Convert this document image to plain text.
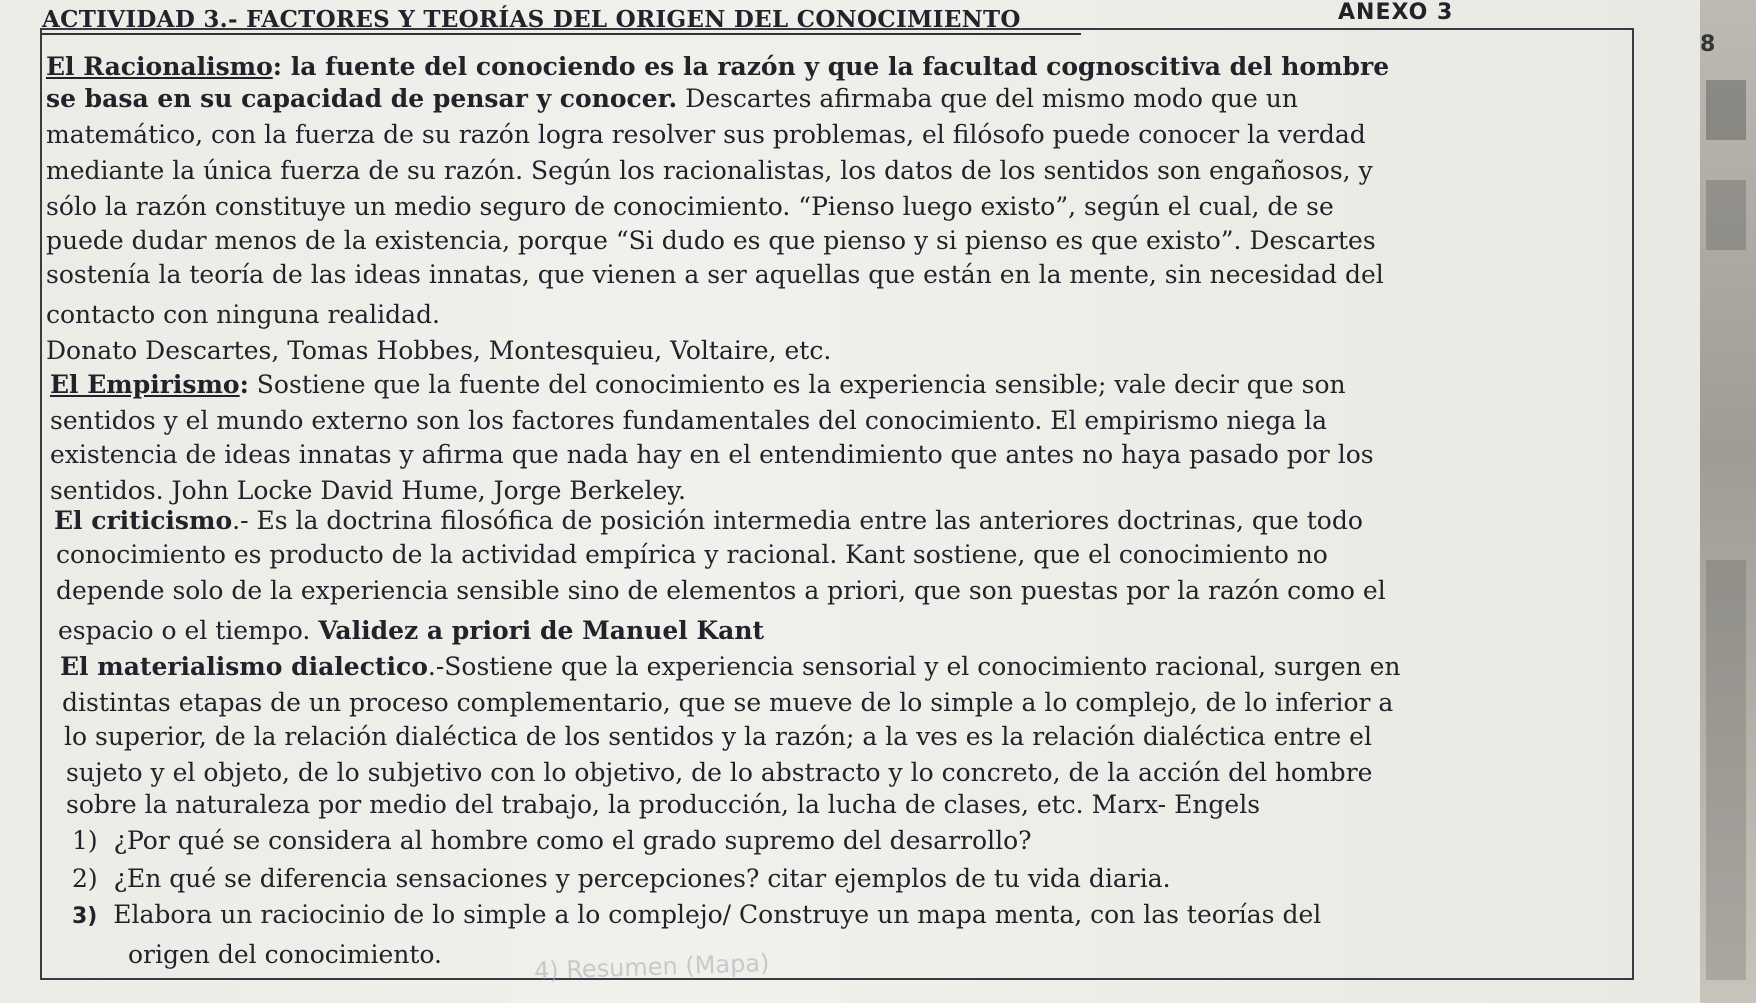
8
ACTIVIDAD 3.- FACTORES Y TEORÍAS DEL ORIGEN DEL CONOCIMIENTO	ANEXO 3
El Racionalismo: la fuente del conociendo es la razón y que la facultad cognoscitiva del hombre
se basa en su capacidad de pensar y conocer. Descartes afirmaba que del mismo modo que un
matemático, con la fuerza de su razón logra resolver sus problemas, el filósofo puede conocer la verdad
mediante la única fuerza de su razón. Según los racionalistas, los datos de los sentidos son engañosos, y
sólo la razón constituye un medio seguro de conocimiento. “Pienso luego existo”, según el cual, de se
puede dudar menos de la existencia, porque “Si dudo es que pienso y si pienso es que existo”. Descartes
sostenía la teoría de las ideas innatas, que vienen a ser aquellas que están en la mente, sin necesidad del
contacto con ninguna realidad.
Donato Descartes, Tomas Hobbes, Montesquieu, Voltaire, etc.
El Empirismo: Sostiene que la fuente del conocimiento es la experiencia sensible; vale decir que son
sentidos y el mundo externo son los factores fundamentales del conocimiento. El empirismo niega la
existencia de ideas innatas y afirma que nada hay en el entendimiento que antes no haya pasado por los
sentidos. John Locke David Hume, Jorge Berkeley.
El criticismo.- Es la doctrina filosófica de posición intermedia entre las anteriores doctrinas, que todo
conocimiento es producto de la actividad empírica y racional. Kant sostiene, que el conocimiento no
depende solo de la experiencia sensible sino de elementos a priori, que son puestas por la razón como el
espacio o el tiempo. Validez a priori de Manuel Kant
El materialismo dialectico.-Sostiene que la experiencia sensorial y el conocimiento racional, surgen en
distintas etapas de un proceso complementario, que se mueve de lo simple a lo complejo, de lo inferior a
lo superior, de la relación dialéctica de los sentidos y la razón; a la ves es la relación dialéctica entre el
sujeto y el objeto, de lo subjetivo con lo objetivo, de lo abstracto y lo concreto, de la acción del hombre
sobre la naturaleza por medio del trabajo, la producción, la lucha de clases, etc. Marx- Engels
1) ¿Por qué se considera al hombre como el grado supremo del desarrollo?
2) ¿En qué se diferencia sensaciones y percepciones? citar ejemplos de tu vida diaria.
3) Elabora un raciocinio de lo simple a lo complejo/ Construye un mapa menta, con las teorías del
origen del conocimiento.	4) Resumen (Mapa)
